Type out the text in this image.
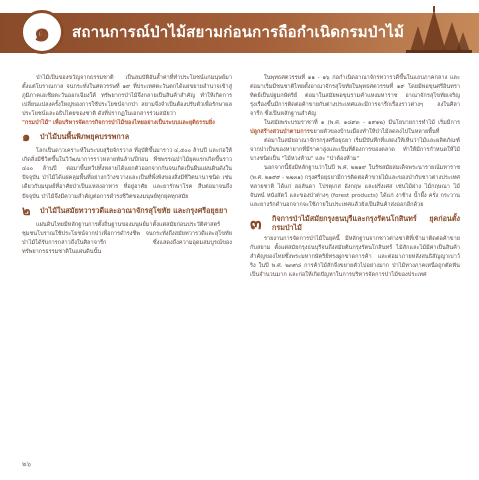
๑	สถานการณ์ป่าไม้สยามก่อนการถือกำเนิดกรมป่าไม้

ป่าไม้เป็นของขวัญจากธรรมชาติ เป็นสมบัติอันล้ำค่าที่ทำประโยชน์แก่มนุษย์มาตั้งแต่โบราณกาล จนกระทั่งในศตวรรษที่ ๑๙ ที่ประเทศตะวันตกได้แผ่ขยายอำนาจเข้าสู่ภูมิภาคเอเชียตะวันออกเฉียงใต้ ทรัพยากรป่าไม้จึงกลายเป็นสินค้าสำคัญ ทำให้เกิดการเปลี่ยนแปลงครั้งใหญ่ของการใช้ประโยชน์จากป่า สยามจึงจำเป็นต้องปรับตัวเพื่อรักษาผลประโยชน์และอธิปไตยของชาติ ดังที่ปรากฏในเอกสารร่วมสมัยว่า

"กรมป่าไม้" เพื่อบริหารจัดการกิจการป่าไม้ของไทยอย่างเป็นระบบและยุติธรรมยิ่ง

๑	ป่าไม้บนพื้นพิภพยุคบรรพกาล

โลกเป็นดาวเคราะห์ในระบบสุริยจักรวาล ที่อุบัติขึ้นมาราว ๔,๕๐๐ ล้านปี และก่อให้เกิดสิ่งมีชีวิตขึ้นในวิวัฒนาการราวหลายพันล้านปีก่อน พืชพรรณป่าไม้ยุคแรกเกิดขึ้นราว ๔๐๐ ล้านปี ต่อมาพื้นทวีปทั้งหลายได้แยกตัวออกจากกันจนเกิดเป็นผืนแผ่นดินดังในปัจจุบัน ป่าไม้ได้แผ่คลุมพื้นที่อย่างกว้างขวางและเป็นที่พึ่งพิงของสิ่งมีชีวิตนานาชนิด เช่นเดียวกับมนุษย์ที่อาศัยป่าเป็นแหล่งอาหาร ที่อยู่อาศัย และยารักษาโรค สืบต่อมาจนถึงปัจจุบัน ป่าไม้จึงมีความสำคัญต่อการดำรงชีวิตของมนุษย์ทุกยุคทุกสมัย

๒	ป่าไม้ในสมัยทวารวดีและอาณาจักรสุโขทัย และกรุงศรีอยุธยา

แผ่นดินไทยมีหลักฐานการตั้งถิ่นฐานของมนุษย์มาตั้งแต่สมัยก่อนประวัติศาสตร์ ชุมชนโบราณใช้ประโยชน์จากป่าเพื่อการดำรงชีพ จนกระทั่งถึงสมัยทวารวดีและสุโขทัย ป่าไม้ได้รับการกล่าวถึงในศิลาจารึก ซึ่งแสดงถึงความอุดมสมบูรณ์ของทรัพยากรธรรมชาติในแผ่นดินนั้น

ในพุทธศตวรรษที่ ๑๑ - ๑๖ ก่อกำเนิดอาณาจักรทวารวดีขึ้นในแถบภาคกลาง และต่อมาเริ่มมีชนชาติไทยตั้งอาณาจักรสุโขทัยในพุทธศตวรรษที่ ๑๙ โดยมีพ่อขุนศรีอินทราทิตย์เป็นปฐมกษัตริย์ ต่อมาในสมัยพ่อขุนรามคำแหงมหาราช อาณาจักรสุโขทัยเจริญรุ่งเรืองขึ้นมีการติดต่อค้าขายกับต่างประเทศและมีการจารึกเรื่องราวต่างๆ ลงในศิลาจารึก ซึ่งเป็นหลักฐานสำคัญ

ในสมัยพระบรมราชาที่ ๑ (พ.ศ. ๑๘๙๓ - ๑๙๑๒) มีนโยบายการทำไม้ เริ่มมีการปลูกสร้างสวนป่าตามการขยายตัวของบ้านเมืองทำให้ป่าไม้ลดลงไปในหลายพื้นที่

ต่อมาในสมัยอาณาจักรกรุงศรีอยุธยา เริ่มมีบันทึกที่แสดงให้เห็นว่าไม้และผลิตภัณฑ์จากป่าเป็นของหายากที่มีราคาสูงและเป็นที่ต้องการของตลาด ทำให้มีการกำหนดให้ไม้บางชนิดเป็น "ไม้หวงห้าม" และ "ป่าต้องห้าม"

นอกจากนี้ยังมีหลักฐานว่าในปี พ.ศ. ๒๒๑๙ ในรัชสมัยสมเด็จพระนารายณ์มหาราช (พ.ศ. ๒๑๙๙ - ๒๒๓๑) กรุงศรีอยุธยามีการติดต่อค้าขายไม้และของป่ากับชาวต่างประเทศหลายชาติ ได้แก่ ฮอลันดา โปรตุเกส อังกฤษ และฝรั่งเศส เช่นไม้ฝาง ไม้กฤษณา ไม้จันทน์ หนังสัตว์ และของป่าต่างๆ (forest products) ได้แก่ งาช้าง น้ำผึ้ง ครั่ง กระวาน และยางรักดำนอกจากจะใช้ภายในประเทศแล้วยังเป็นสินค้าส่งออกอีกด้วย

๓	กิจการป่าไม้สมัยกรุงธนบุรีและกรุงรัตนโกสินทร์ ยุคก่อนตั้งกรมป่าไม้

รายงานการจัดการป่าไม้ในยุคนี้ มีหลักฐานจากชาวต่างชาติที่เข้ามาติดต่อค้าขายกับสยาม ตั้งแต่สมัยกรุงธนบุรีจนถึงสมัยต้นกรุงรัตนโกสินทร์ ไม้สักและไม้มีค่าเป็นสินค้าสำคัญของไทยซึ่งพระมหากษัตริย์ทรงผูกขาดการค้า และต่อมาภายหลังสนธิสัญญาเบาว์ริง ในปี พ.ศ. ๒๓๙๘ การค้าไม้สักจึงขยายตัวไปอย่างมาก ป่าไม้ทางภาคเหนือถูกตัดฟันเป็นจำนวนมาก และก่อให้เกิดปัญหาในการบริหารจัดการป่าไม้ของประเทศ

๒๖
